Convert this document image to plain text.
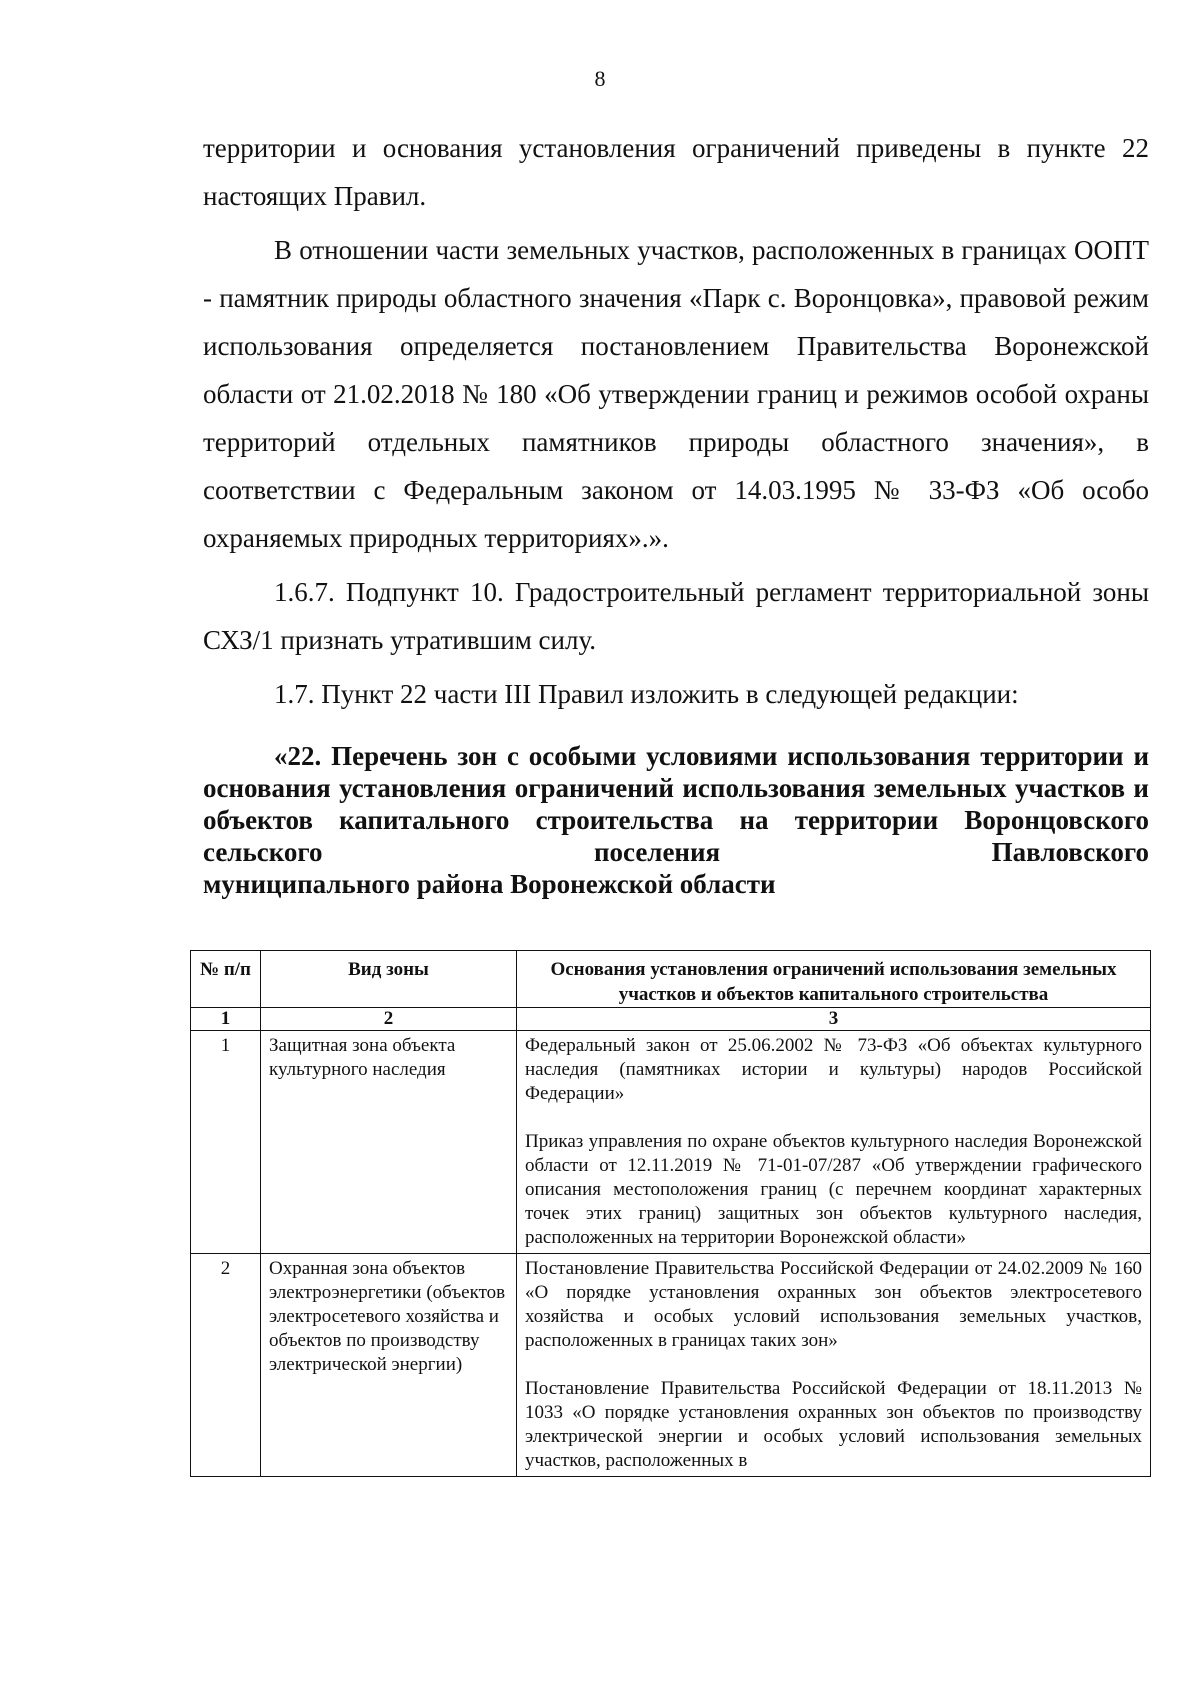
8

территории и основания установления ограничений приведены в пункте 22 настоящих Правил.

В отношении части земельных участков, расположенных в границах ООПТ - памятник природы областного значения «Парк с. Воронцовка», правовой режим использования определяется постановлением Правительства Воронежской области от 21.02.2018 № 180 «Об утверждении границ и режимов особой охраны территорий отдельных памятников природы областного значения», в соответствии с Федеральным законом от 14.03.1995 № 33-ФЗ «Об особо охраняемых природных территориях».».

1.6.7. Подпункт 10. Градостроительный регламент территориальной зоны СХЗ/1 признать утратившим силу.

1.7. Пункт 22 части III Правил изложить в следующей редакции:

«22. Перечень зон с особыми условиями использования территории и основания установления ограничений использования земельных участков и объектов капитального строительства на территории Воронцовского сельского поселения Павловского

муниципального района Воронежской области

№ п/п	Вид зоны	Основания установления ограничений использования земельных участков и объектов капитального строительства
1	2	3
1	Защитная зона объекта культурного наследия	Федеральный закон от 25.06.2002 № 73-ФЗ «Об объектах культурного наследия (памятниках истории и культуры) народов Российской Федерации»

Приказ управления по охране объектов культурного наследия Воронежской области от 12.11.2019 № 71-01-07/287 «Об утверждении графического описания местоположения границ (с перечнем координат характерных точек этих границ) защитных зон объектов культурного наследия, расположенных на территории Воронежской области»

2	Охранная зона объектов электроэнергетики (объектов электросетевого хозяйства и объектов по производству электрической энергии)	Постановление Правительства Российской Федерации от 24.02.2009 № 160 «О порядке установления охранных зон объектов электросетевого хозяйства и особых условий использования земельных участков, расположенных в границах таких зон»

Постановление Правительства Российской Федерации от 18.11.2013 № 1033 «О порядке установления охранных зон объектов по производству электрической энергии и особых условий использования земельных участков, расположенных в
